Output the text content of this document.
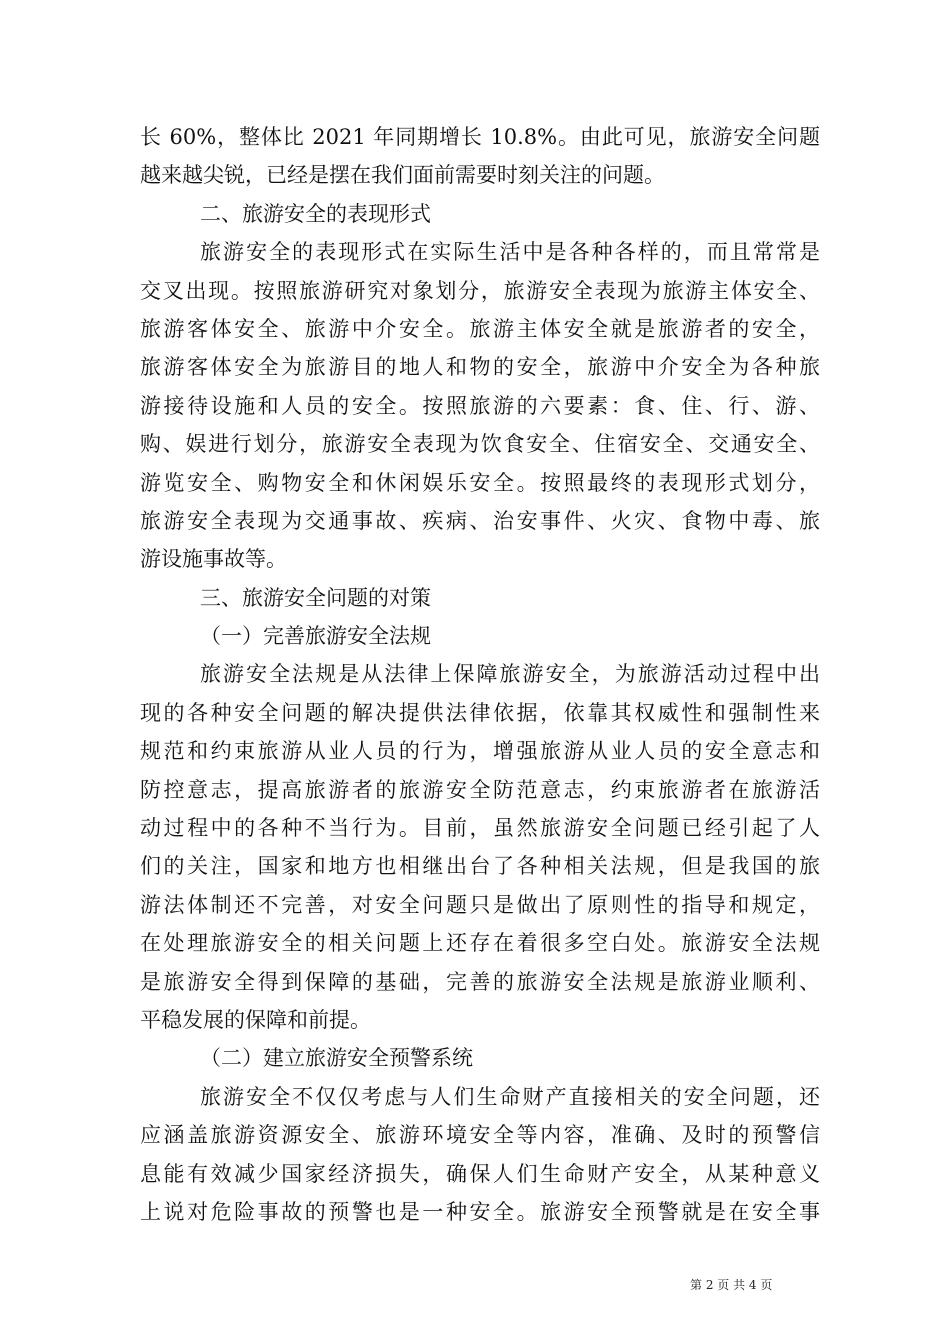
长 60%，整体比 2021 年同期增长 10.8%。由此可见，旅游安全问题
越来越尖锐，已经是摆在我们面前需要时刻关注的问题。
二、旅游安全的表现形式
旅游安全的表现形式在实际生活中是各种各样的，而且常常是
交叉出现。按照旅游研究对象划分，旅游安全表现为旅游主体安全、
旅游客体安全、旅游中介安全。旅游主体安全就是旅游者的安全，
旅游客体安全为旅游目的地人和物的安全，旅游中介安全为各种旅
游接待设施和人员的安全。按照旅游的六要素：食、住、行、游、
购、娱进行划分，旅游安全表现为饮食安全、住宿安全、交通安全、
游览安全、购物安全和休闲娱乐安全。按照最终的表现形式划分，
旅游安全表现为交通事故、疾病、治安事件、火灾、食物中毒、旅
游设施事故等。
三、旅游安全问题的对策
（一）完善旅游安全法规
旅游安全法规是从法律上保障旅游安全，为旅游活动过程中出
现的各种安全问题的解决提供法律依据，依靠其权威性和强制性来
规范和约束旅游从业人员的行为，增强旅游从业人员的安全意志和
防控意志，提高旅游者的旅游安全防范意志，约束旅游者在旅游活
动过程中的各种不当行为。目前，虽然旅游安全问题已经引起了人
们的关注，国家和地方也相继出台了各种相关法规，但是我国的旅
游法体制还不完善，对安全问题只是做出了原则性的指导和规定，
在处理旅游安全的相关问题上还存在着很多空白处。旅游安全法规
是旅游安全得到保障的基础，完善的旅游安全法规是旅游业顺利、
平稳发展的保障和前提。
（二）建立旅游安全预警系统
旅游安全不仅仅考虑与人们生命财产直接相关的安全问题，还
应涵盖旅游资源安全、旅游环境安全等内容，准确、及时的预警信
息能有效减少国家经济损失，确保人们生命财产安全，从某种意义
上说对危险事故的预警也是一种安全。旅游安全预警就是在安全事
第 2 页 共 4 页
